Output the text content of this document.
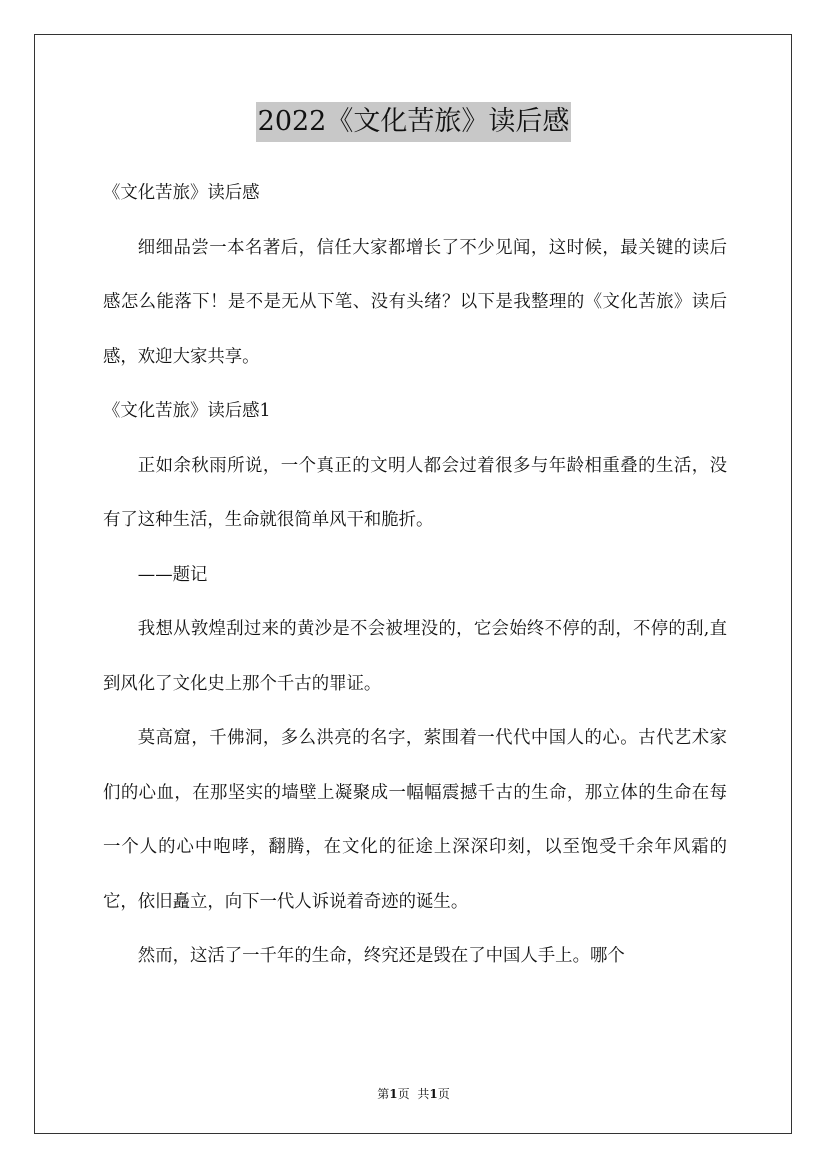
2022《文化苦旅》读后感

《文化苦旅》读后感

细细品尝一本名著后，信任大家都增长了不少见闻，这时候，最关键的读后感怎么能落下！是不是无从下笔、没有头绪？以下是我整理的《文化苦旅》读后感，欢迎大家共享。

《文化苦旅》读后感1

正如余秋雨所说，一个真正的文明人都会过着很多与年龄相重叠的生活，没有了这种生活，生命就很简单风干和脆折。

——题记

我想从敦煌刮过来的黄沙是不会被埋没的，它会始终不停的刮，不停的刮,直到风化了文化史上那个千古的罪证。

莫高窟，千佛洞，多么洪亮的名字，萦围着一代代中国人的心。古代艺术家们的心血，在那坚实的墙壁上凝聚成一幅幅震撼千古的生命，那立体的生命在每一个人的心中咆哮，翻腾，在文化的征途上深深印刻，以至饱受千余年风霜的它，依旧矗立，向下一代人诉说着奇迹的诞生。

然而，这活了一千年的生命，终究还是毁在了中国人手上。哪个

第1页 共1页
